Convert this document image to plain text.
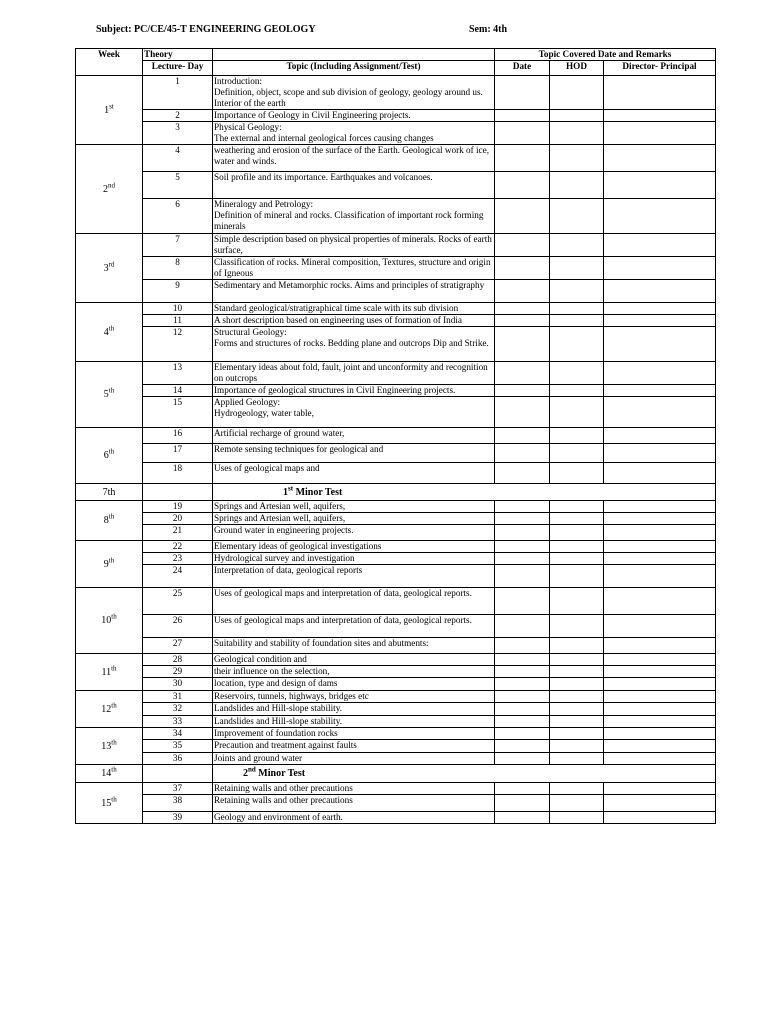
Subject: PC/CE/45-T ENGINEERING GEOLOGY	Sem: 4th
Week	Theory		Topic Covered Date and Remarks		
	Lecture- Day	Topic (Including Assignment/Test)	Date	HOD	Director- Principal
1st	1	Introduction:
Definition, object, scope and sub division of geology, geology around us. Interior of the earth			
	2	Importance of Geology in Civil Engineering projects.			
	3	Physical Geology:
The external and internal geological forces causing changes			
2nd	4	weathering and erosion of the surface of the Earth. Geological work of ice, water and winds.			
	5	Soil profile and its importance. Earthquakes and volcanoes.			
	6	Mineralogy and Petrology:
Definition of mineral and rocks. Classification of important rock forming minerals			
3rd	7	Simple description based on physical properties of minerals. Rocks of earth surface,			
	8	Classification of rocks. Mineral composition, Textures, structure and origin of Igneous			
	9	Sedimentary and Metamorphic rocks. Aims and principles of stratigraphy			
4th	10	Standard geological/stratigraphical time scale with its sub division			
	11	A short description based on engineering uses of formation of India			
	12	Structural Geology:
Forms and structures of rocks. Bedding plane and outcrops Dip and Strike.			
5th	13	Elementary ideas about fold, fault, joint and unconformity and recognition on outcrops			
	14	Importance of geological structures in Civil Engineering projects.			
	15	Applied Geology:
Hydrogeology, water table,			
6th	16	Artificial recharge of ground water,			
	17	Remote sensing techniques for geological and			
	18	Uses of geological maps and			
7th		1st Minor Test			
8th	19	Springs and Artesian well, aquifers,			
	20	Springs and Artesian well, aquifers,			
	21	Ground water in engineering projects.			
9th	22	Elementary ideas of geological investigations			
	23	Hydrological survey and investigation			
	24	Interpretation of data, geological reports			
10th	25	Uses of geological maps and interpretation of data, geological reports.			
	26	Uses of geological maps and interpretation of data, geological reports.			
	27	Suitability and stability of foundation sites and abutments:			
11th	28	Geological condition and			
	29	their influence on the selection,			
	30	location, type and design of dams			
12th	31	Reservoirs, tunnels, highways, bridges etc			
	32	Landslides and Hill-slope stability.			
	33	Landslides and Hill-slope stability.			
13th	34	Improvement of foundation rocks			
	35	Precaution and treatment against faults			
	36	Joints and ground water			
14th		2nd Minor Test			
15th	37	Retaining walls and other precautions			
	38	Retaining walls and other precautions			
	39	Geology and environment of earth.			
